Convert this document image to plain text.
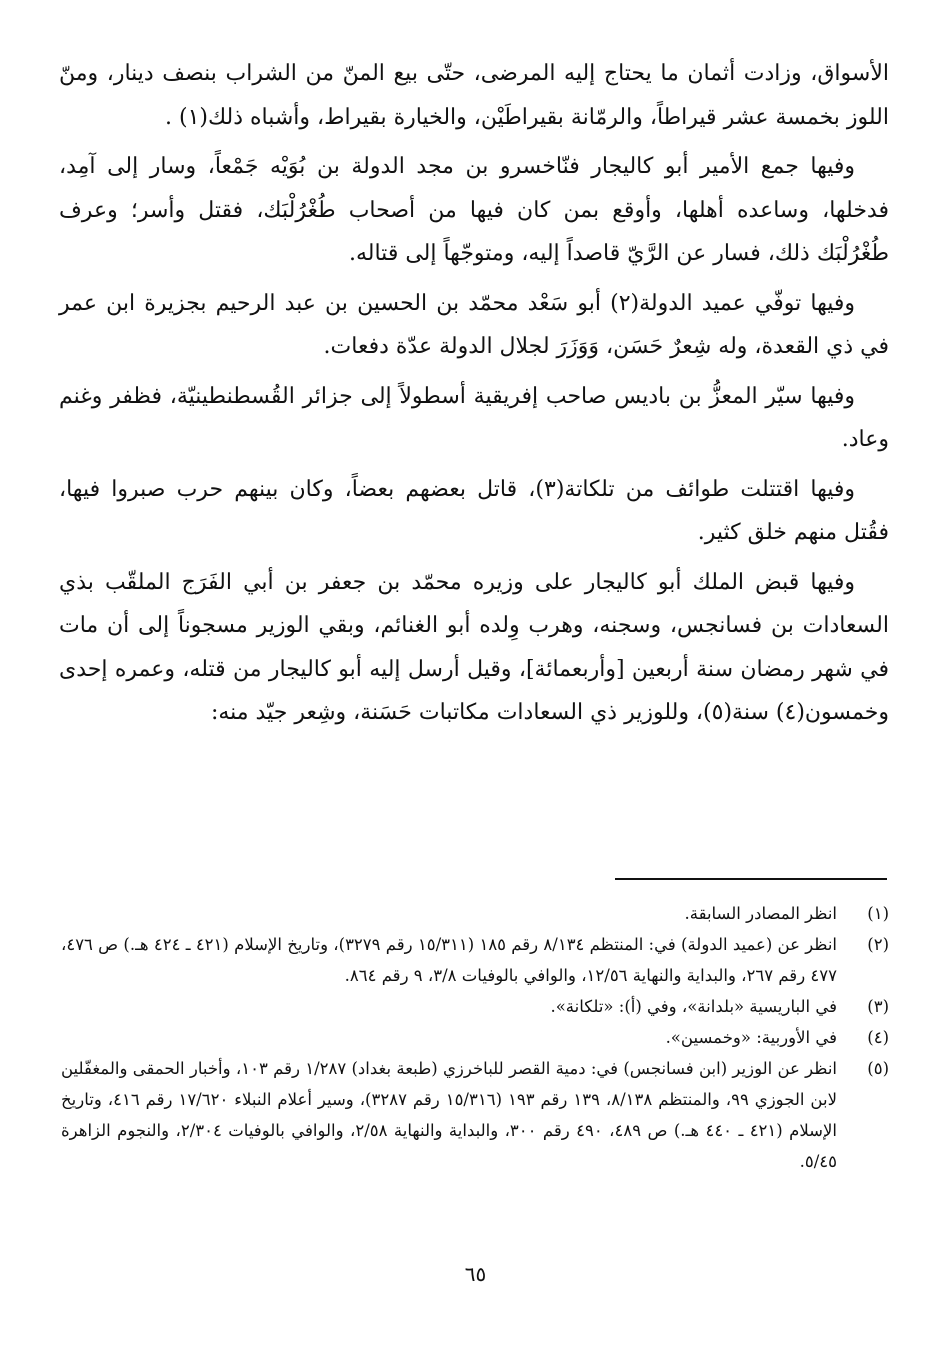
الأسواق، وزادت أثمان ما يحتاج إليه المرضى، حتّى بيع المنّ من الشراب بنصف دينار، ومنّ اللوز بخمسة عشر قيراطاً، والرمّانة بقيراطَيْن، والخيارة بقيراط، وأشباه ذلك(١) .

وفيها جمع الأمير أبو كاليجار فنّاخسرو بن مجد الدولة بن بُوَيْه جَمْعاً، وسار إلى آمِد، فدخلها، وساعده أهلها، وأوقع بمن كان فيها من أصحاب طُغْرُلْبَك، فقتل وأسر؛ وعرف طُغْرُلْبَك ذلك، فسار عن الرَّيّ قاصداً إليه، ومتوجّهاً إلى قتاله.

وفيها توفّي عميد الدولة(٢) أبو سَعْد محمّد بن الحسين بن عبد الرحيم بجزيرة ابن عمر في ذي القعدة، وله شِعرٌ حَسَن، وَوَزَرَ لجلال الدولة عدّة دفعات.

وفيها سيّر المعزُّ بن باديس صاحب إفريقية أسطولاً إلى جزائر القُسطنطينيّة، فظفر وغنم وعاد.

وفيها اقتتلت طوائف من تلكاتة(٣)، قاتل بعضهم بعضاً، وكان بينهم حرب صبروا فيها، فقُتل منهم خلق كثير.

وفيها قبض الملك أبو كاليجار على وزيره محمّد بن جعفر بن أبي الفَرَج الملقّب بذي السعادات بن فسانجس، وسجنه، وهرب وِلده أبو الغنائم، وبقي الوزير مسجوناً إلى أن مات في شهر رمضان سنة أربعين [وأربعمائة]، وقيل أرسل إليه أبو كاليجار من قتله، وعمره إحدى وخمسون(٤) سنة(٥)، وللوزير ذي السعادات مكاتبات حَسَنة، وشِعر جيّد منه:

(١)
انظر المصادر السابقة.
(٢)
انظر عن (عميد الدولة) في: المنتظم ٨/١٣٤ رقم ١٨٥ (١٥/٣١١ رقم ٣٢٧٩)، وتاريخ الإسلام (٤٢١ ـ ٤٢٤ هـ.) ص ٤٧٦، ٤٧٧ رقم ٢٦٧، والبداية والنهاية ١٢/٥٦، والوافي بالوفيات ٣/٨، ٩ رقم ٨٦٤.
(٣)
في الباريسية «بلدانة»، وفي (أ): «تلكانة».
(٤)
في الأوربية: «وخمسين».
(٥)
انظر عن الوزير (ابن فسانجس) في: دمية القصر للباخرزي (طبعة بغداد) ١/٢٨٧ رقم ١٠٣، وأخبار الحمقى والمغفّلين لابن الجوزي ٩٩، والمنتظم ٨/١٣٨، ١٣٩ رقم ١٩٣ (١٥/٣١٦ رقم ٣٢٨٧)، وسير أعلام النبلاء ١٧/٦٢٠ رقم ٤١٦، وتاريخ الإسلام (٤٢١ ـ ٤٤٠ هـ.) ص ٤٨٩، ٤٩٠ رقم ٣٠٠، والبداية والنهاية ٢/٥٨، والوافي بالوفيات ٢/٣٠٤، والنجوم الزاهرة ٥/٤٥.
٦٥
